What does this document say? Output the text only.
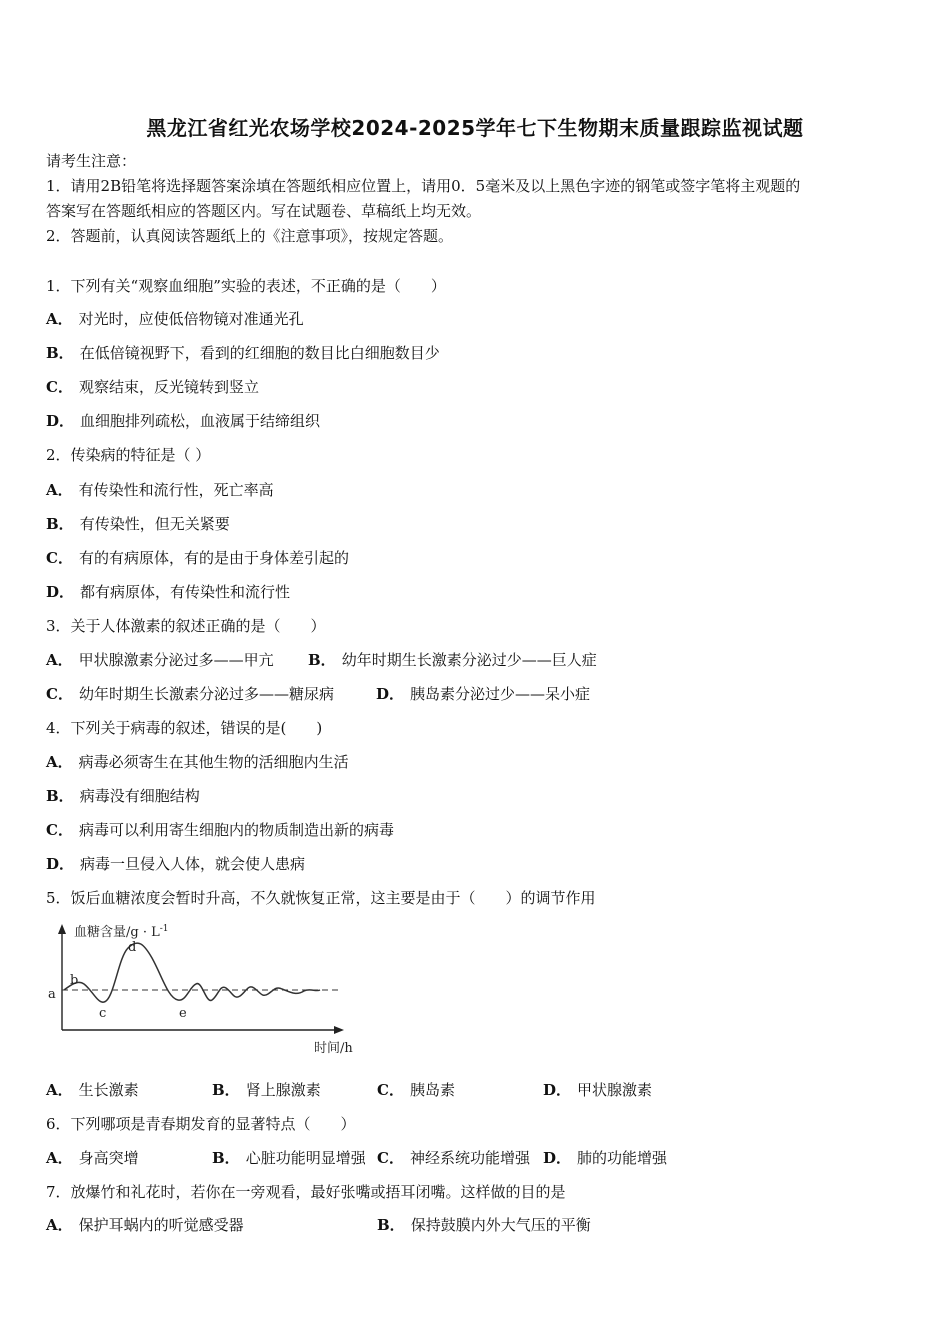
黑龙江省红光农场学校2024-2025学年七下生物期末质量跟踪监视试题
请考生注意：
1．请用2B铅笔将选择题答案涂填在答题纸相应位置上，请用0．5毫米及以上黑色字迹的钢笔或签字笔将主观题的
答案写在答题纸相应的答题区内。写在试题卷、草稿纸上均无效。
2．答题前，认真阅读答题纸上的《注意事项》，按规定答题。
1．下列有关“观察血细胞”实验的表述，不正确的是（　　）
A． 对光时，应使低倍物镜对准通光孔
B． 在低倍镜视野下，看到的红细胞的数目比白细胞数目少
C． 观察结束，反光镜转到竖立
D． 血细胞排列疏松，血液属于结缔组织
2．传染病的特征是（ ）
A． 有传染性和流行性，死亡率高
B． 有传染性，但无关紧要
C． 有的有病原体，有的是由于身体差引起的
D． 都有病原体，有传染性和流行性
3．关于人体激素的叙述正确的是（　　）
A． 甲状腺激素分泌过多——甲亢 B． 幼年时期生长激素分泌过少——巨人症
C． 幼年时期生长激素分泌过多——糖尿病	D． 胰岛素分泌过少——呆小症
4．下列关于病毒的叙述，错误的是(　　)
A． 病毒必须寄生在其他生物的活细胞内生活
B． 病毒没有细胞结构
C． 病毒可以利用寄生细胞内的物质制造出新的病毒
D． 病毒一旦侵入人体，就会使人患病
5．饭后血糖浓度会暂时升高，不久就恢复正常，这主要是由于（　　）的调节作用
血糖含量$/g \cdot L^{-1}$
a
b
c
d
e
时间/h
A． 生长激素	B． 肾上腺激素	C． 胰岛素	D． 甲状腺激素
6．下列哪项是青春期发育的显著特点（　　）
A． 身高突增	B． 心脏功能明显增强 C． 神经系统功能增强 D． 肺的功能增强
7．放爆竹和礼花时，若你在一旁观看，最好张嘴或捂耳闭嘴。这样做的目的是
A． 保护耳蜗内的听觉感受器	B． 保持鼓膜内外大气压的平衡
